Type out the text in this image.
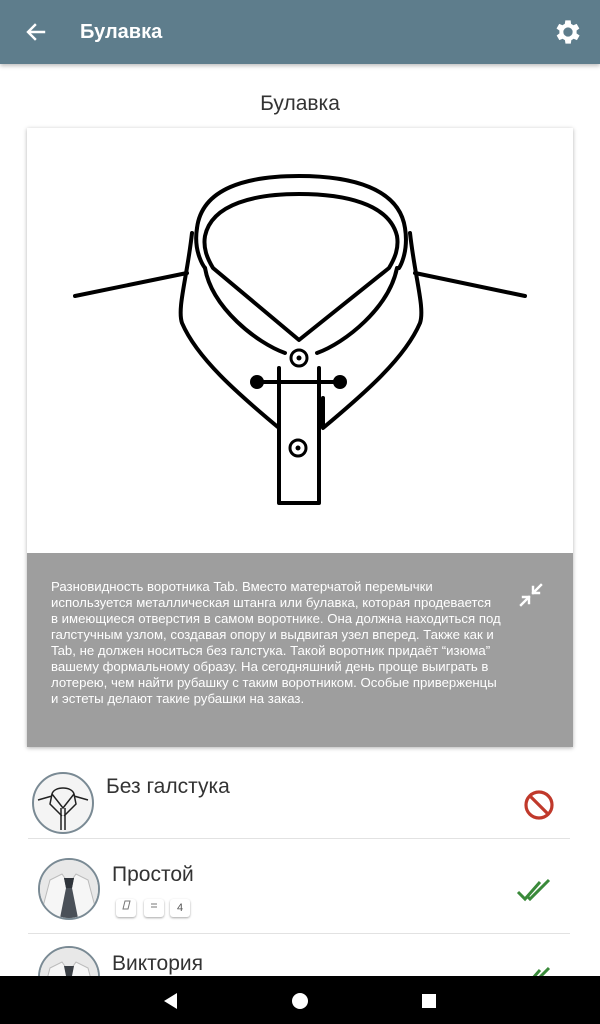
Булавка
Булавка
Разновидность воротника Tab. Вместо матерчатой перемычки используется металлическая штанга или булавка, которая продевается в имеющиеся отверстия в самом воротнике. Она должна находиться под галстучным узлом, создавая опору и выдвигая узел вперед. Также как и Tab, не должен носиться без галстука. Такой воротник придаёт “изюма” вашему формальному образу. На сегодняшний день проще выиграть в лотерею, чем найти рубашку с таким воротником. Особые приверженцы и эстеты делают такие рубашки на заказ.
Без галстука
Простой
4
Виктория
